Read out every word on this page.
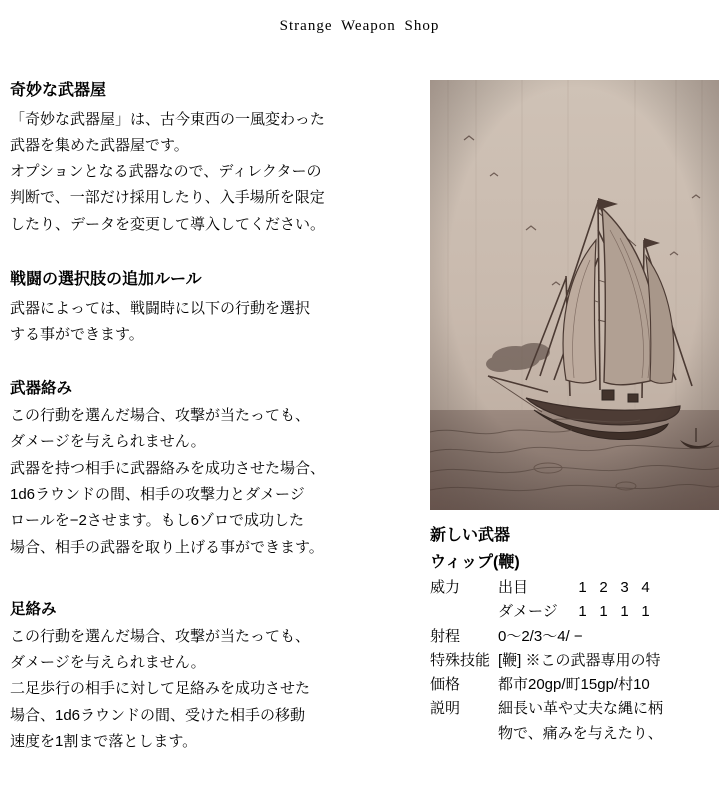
Strange Weapon Shop
奇妙な武器屋

「奇妙な武器屋」は、古今東西の一風変わった

武器を集めた武器屋です。

オプションとなる武器なので、ディレクターの

判断で、一部だけ採用したり、入手場所を限定

したり、データを変更して導入してください。

戦闘の選択肢の追加ルール

武器によっては、戦闘時に以下の行動を選択

する事ができます。

武器絡み

この行動を選んだ場合、攻撃が当たっても、

ダメージを与えられません。

武器を持つ相手に武器絡みを成功させた場合、

1d6ラウンドの間、相手の攻撃力とダメージ

ロールを−2させます。もし6ゾロで成功した

場合、相手の武器を取り上げる事ができます。

足絡み

この行動を選んだ場合、攻撃が当たっても、

ダメージを与えられません。

二足歩行の相手に対して足絡みを成功させた

場合、1d6ラウンドの間、受けた相手の移動

速度を1割まで落とします。

新しい武器
ウィップ(鞭)
威力	出目 1 2 3 4
	ダメージ 1 1 1 1
射程	0〜2/3〜4/ −
特殊技能	[鞭] ※この武器専用の特
価格	都市20gp/町15gp/村10
説明	細長い革や丈夫な縄に柄
	物で、痛みを与えたり、
